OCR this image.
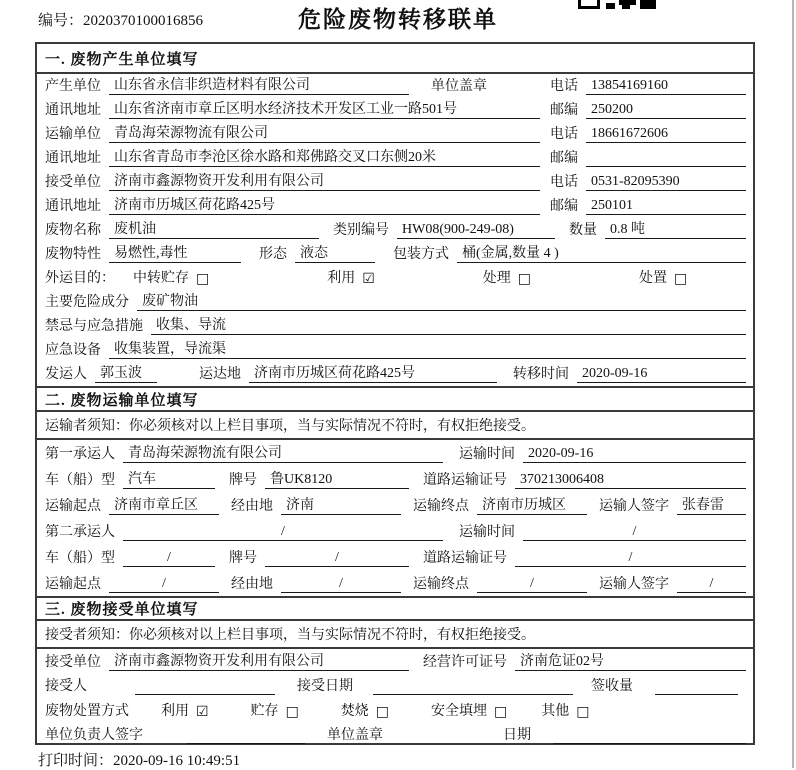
编号：2020370100016856	危险废物转移联单
一. 废物产生单位填写
产生单位 山东省永信非织造材料有限公司	单位盖章	电话 13854169160
通讯地址 山东省济南市章丘区明水经济技术开发区工业一路501号	邮编 250200
运输单位 青岛海荣源物流有限公司	电话 18661672606
通讯地址 山东省青岛市李沧区徐水路和郑佛路交叉口东侧20米	邮编
接受单位 济南市鑫源物资开发利用有限公司	电话 0531-82095390
通讯地址 济南市历城区荷花路425号	邮编 250101
废物名称 废机油	类别编号 HW08(900-249-08)	数量 0.8 吨
废物特性 易燃性,毒性	形态 液态	包装方式 桶(金属,数量 4 )
外运目的：	中转贮存 □	利用 ☑	处理 □	处置 □
主要危险成分 废矿物油
禁忌与应急措施 收集、导流
应急设备 收集装置，导流渠
发运人 郭玉波	运达地 济南市历城区荷花路425号	转移时间 2020-09-16
二. 废物运输单位填写
运输者须知：你必须核对以上栏目事项，当与实际情况不符时，有权拒绝接受。
第一承运人 青岛海荣源物流有限公司	运输时间 2020-09-16
车（船）型 汽车	牌号 鲁UK8120	道路运输证号 370213006408
运输起点 济南市章丘区	经由地 济南	运输终点 济南市历城区	运输人签字 张春雷
第二承运人	/	运输时间	/
车（船）型	/	牌号	/	道路运输证号	/
运输起点	/	经由地	/	运输终点	/	运输人签字	/
三. 废物接受单位填写
接受者须知：你必须核对以上栏目事项，当与实际情况不符时，有权拒绝接受。
接受单位 济南市鑫源物资开发利用有限公司	经营许可证号 济南危证02号
接受人	接受日期	签收量
废物处置方式	利用 ☑	贮存 □	焚烧 □	安全填埋 □ 其他 □
单位负责人签字	单位盖章	日期
打印时间：2020-09-16 10:49:51
